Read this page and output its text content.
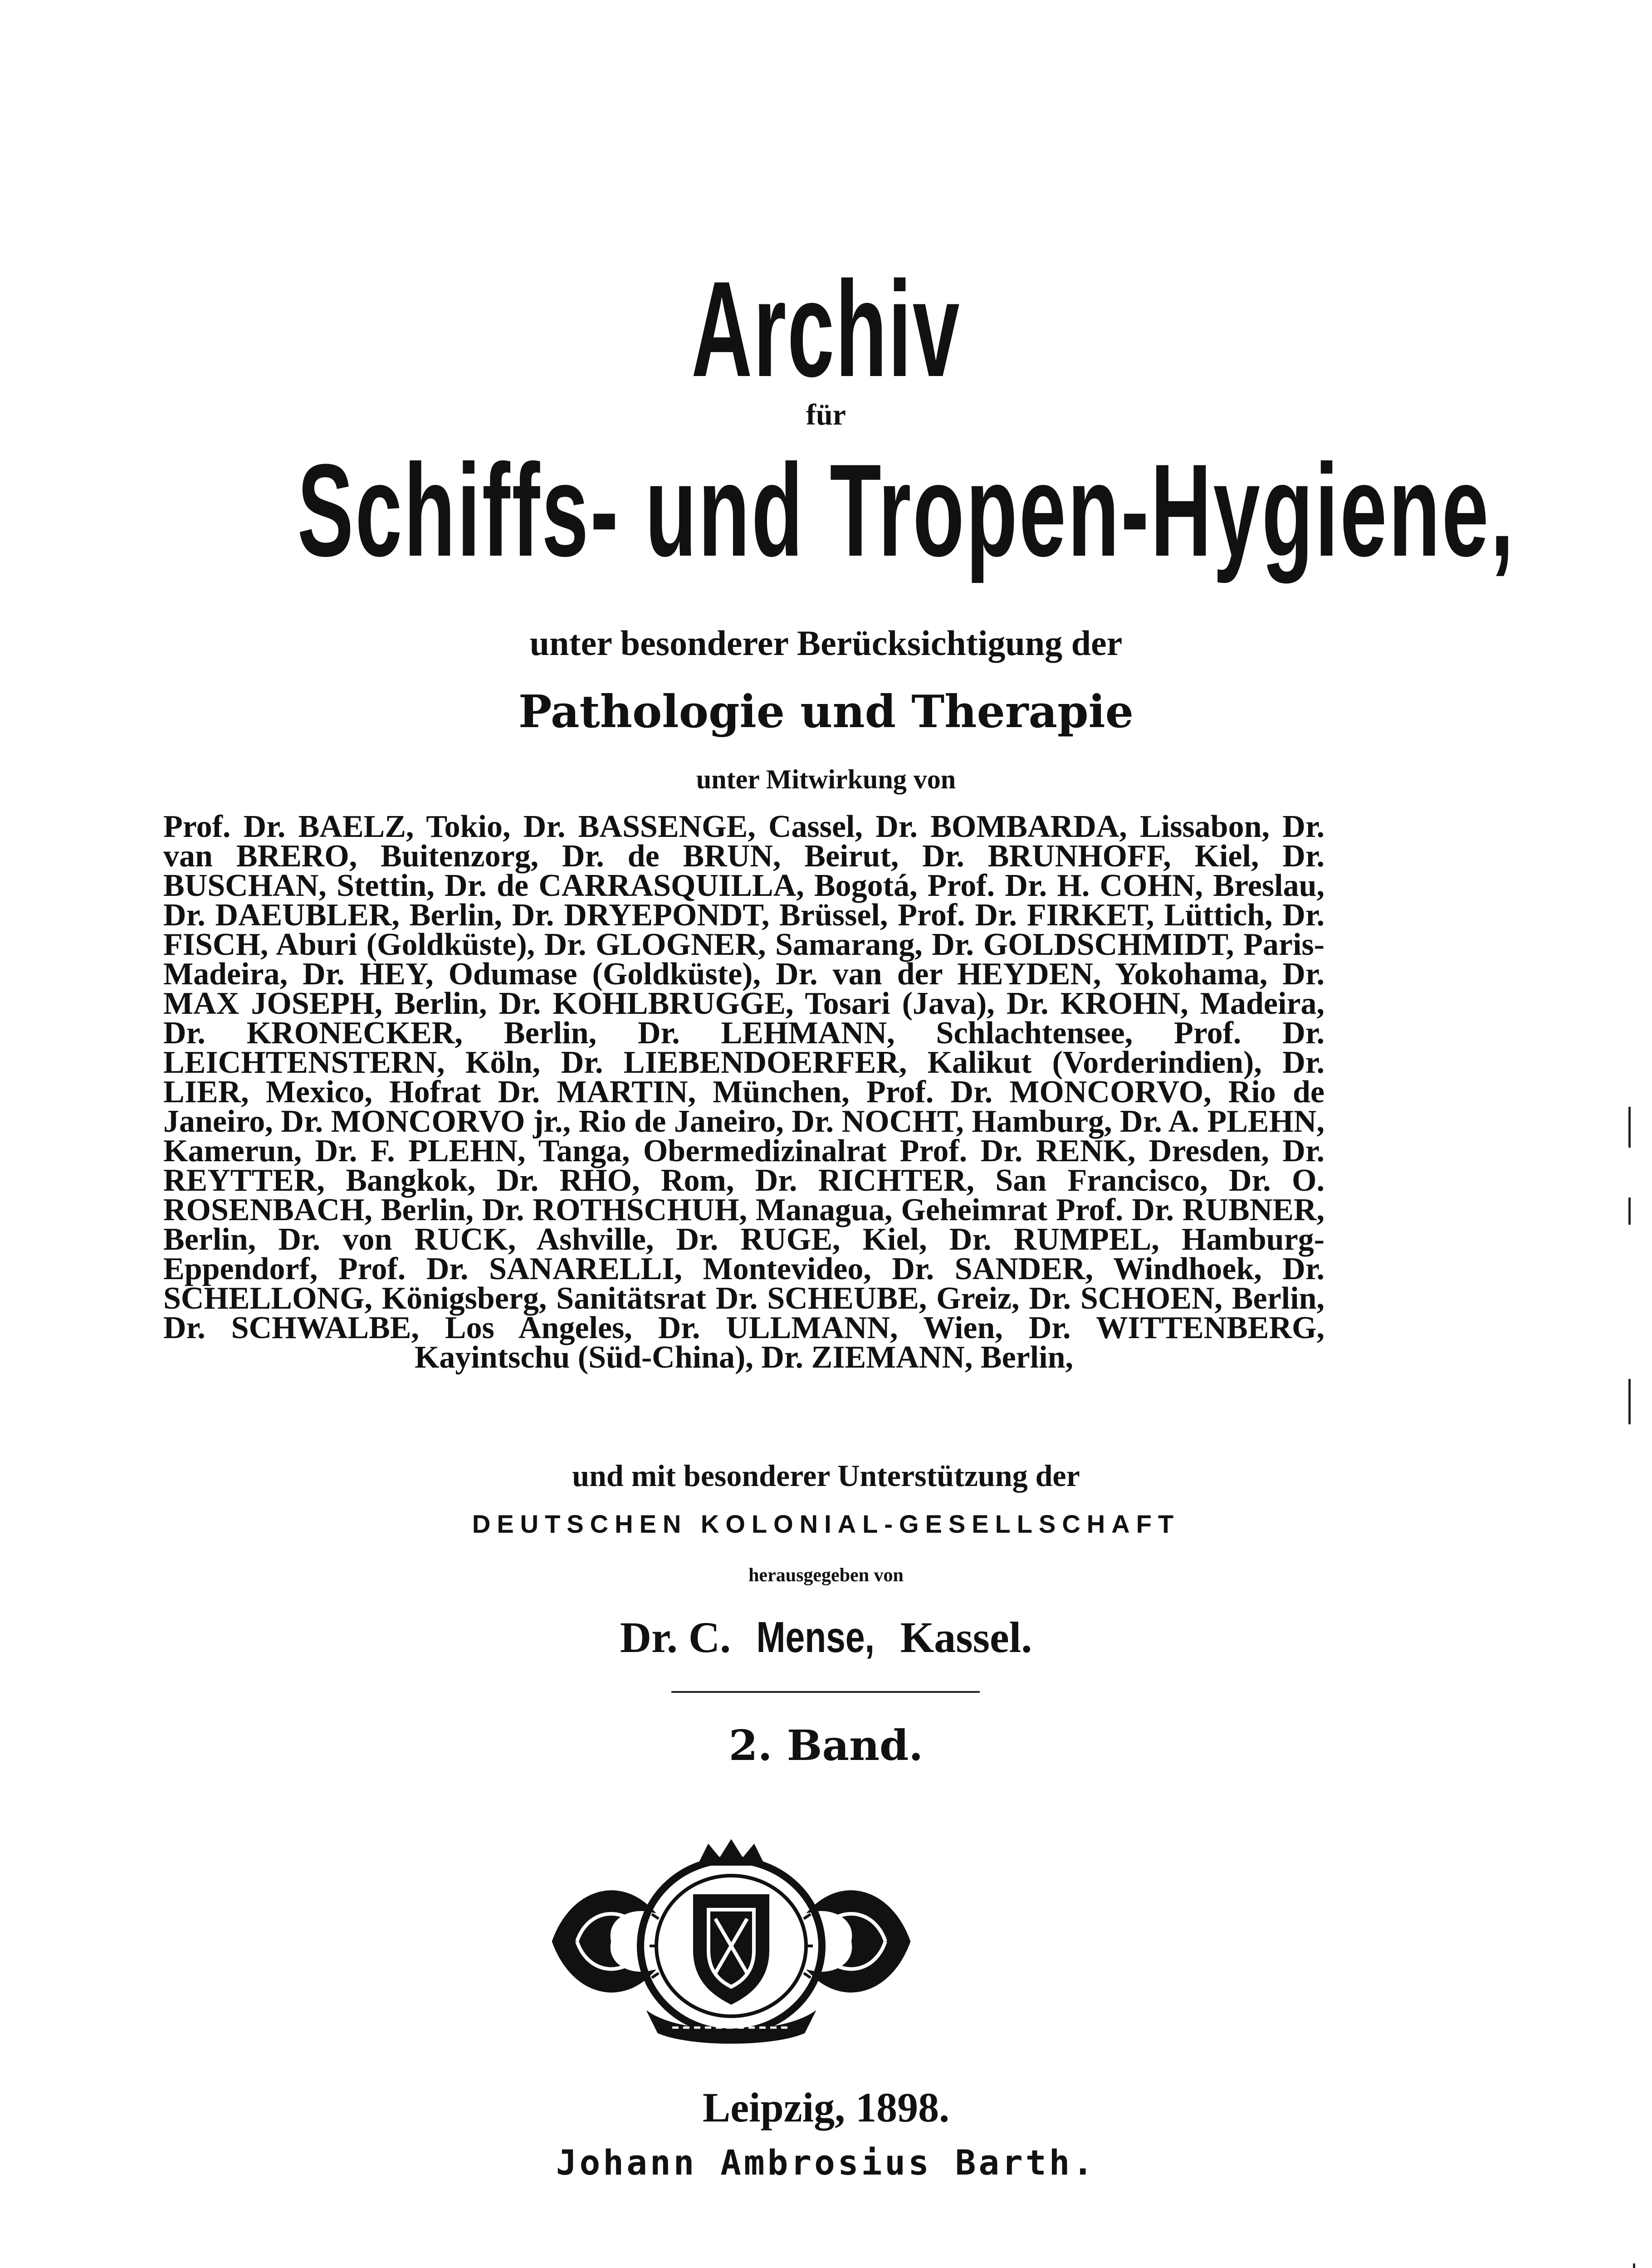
Archiv
für
Schiffs- und Tropen-Hygiene,
unter besonderer Berücksichtigung der
Pathologie und Therapie
unter Mitwirkung von
Prof. Dr. BAELZ, Tokio, Dr. BASSENGE, Cassel, Dr. BOMBARDA, Lissabon, Dr. van BRERO, Buitenzorg, Dr. de BRUN, Beirut, Dr. BRUNHOFF, Kiel, Dr. BUSCHAN, Stettin, Dr. de CARRASQUILLA, Bogotá, Prof. Dr. H. COHN, Breslau, Dr. DAEUBLER, Berlin, Dr. DRYEPONDT, Brüssel, Prof. Dr. FIRKET, Lüttich, Dr. FISCH, Aburi (Goldküste), Dr. GLOGNER, Samarang, Dr. GOLDSCHMIDT, Paris-Madeira, Dr. HEY, Odumase (Goldküste), Dr. van der HEYDEN, Yokohama, Dr. MAX JOSEPH, Berlin, Dr. KOHLBRUGGE, Tosari (Java), Dr. KROHN, Madeira, Dr. KRONECKER, Berlin, Dr. LEHMANN, Schlachtensee, Prof. Dr. LEICHTENSTERN, Köln, Dr. LIEBENDOERFER, Kalikut (Vorderindien), Dr. LIER, Mexico, Hofrat Dr. MARTIN, München, Prof. Dr. MONCORVO, Rio de Janeiro, Dr. MONCORVO jr., Rio de Janeiro, Dr. NOCHT, Hamburg, Dr. A. PLEHN, Kamerun, Dr. F. PLEHN, Tanga, Obermedizinalrat Prof. Dr. RENK, Dresden, Dr. REYTTER, Bangkok, Dr. RHO, Rom, Dr. RICHTER, San Francisco, Dr. O. ROSENBACH, Berlin, Dr. ROTHSCHUH, Managua, Geheimrat Prof. Dr. RUBNER, Berlin, Dr. von RUCK, Ashville, Dr. RUGE, Kiel, Dr. RUMPEL, Hamburg-Eppendorf, Prof. Dr. SANARELLI, Montevideo, Dr. SANDER, Windhoek, Dr. SCHELLONG, Königsberg, Sanitätsrat Dr. SCHEUBE, Greiz, Dr. SCHOEN, Berlin, Dr. SCHWALBE, Los Angeles, Dr. ULLMANN, Wien, Dr. WITTENBERG, Kayintschu (Süd-China), Dr. ZIEMANN, Berlin,
und mit besonderer Unterstützung der
DEUTSCHEN KOLONIAL-GESELLSCHAFT
herausgegeben von
Dr. C. Mense, Kassel.
2. Band.
Leipzig, 1898.
Johann Ambrosius Barth.
